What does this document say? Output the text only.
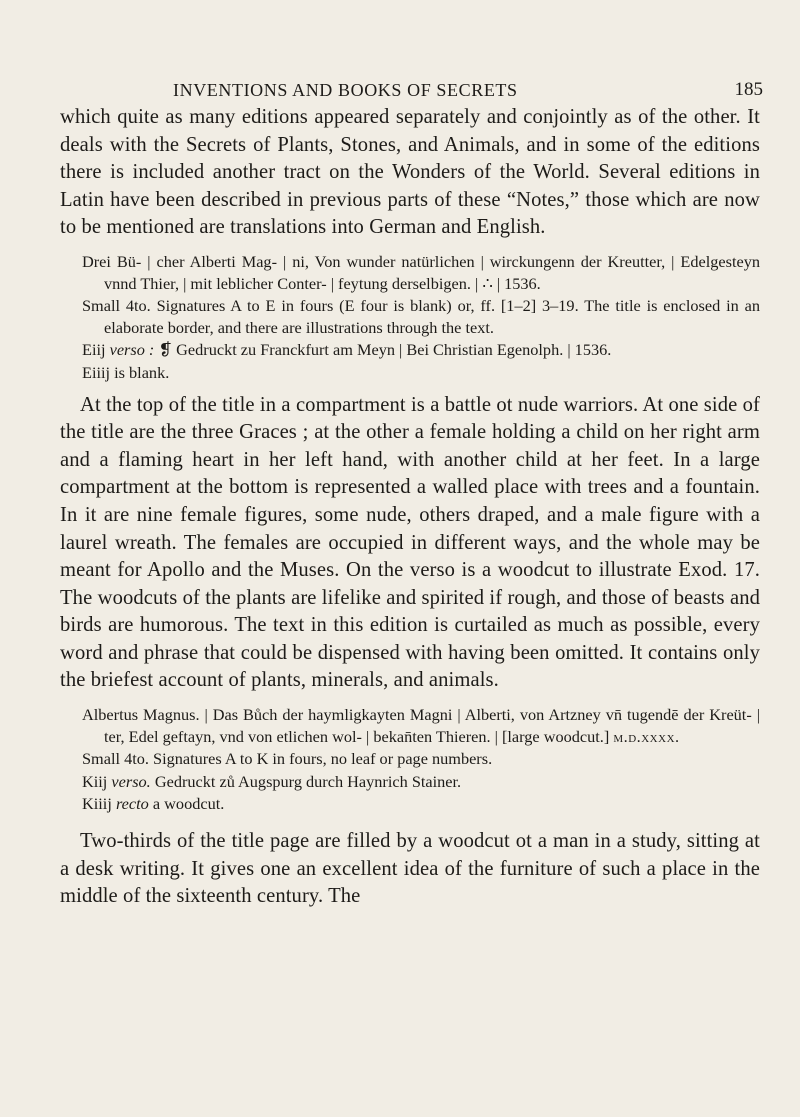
INVENTIONS AND BOOKS OF SECRETS	185

which quite as many editions appeared separately and conjointly as of the other. It deals with the Secrets of Plants, Stones, and Animals, and in some of the editions there is included another tract on the Wonders of the World. Several editions in Latin have been described in previous parts of these “Notes,” those which are now to be mentioned are translations into German and English.

Drei Bü- | cher Alberti Mag- | ni, Von wunder natürlichen | wirckungenn der Kreutter, | Edelgesteyn vnnd Thier, | mit leblicher Conter- | feytung derselbigen. | ∴ | 1536.

Small 4to. Signatures A to E in fours (E four is blank) or, ff. [1–2] 3–19. The title is enclosed in an elaborate border, and there are illustrations through the text.

Eiij verso : ❡ Gedruckt zu Franckfurt am Meyn | Bei Christian Egenolph. | 1536.

Eiiij is blank.

At the top of the title in a compartment is a battle ot nude warriors. At one side of the title are the three Graces ; at the other a female holding a child on her right arm and a flaming heart in her left hand, with another child at her feet. In a large compartment at the bottom is represented a walled place with trees and a fountain. In it are nine female figures, some nude, others draped, and a male figure with a laurel wreath. The females are occupied in different ways, and the whole may be meant for Apollo and the Muses. On the verso is a woodcut to illustrate Exod. 17. The woodcuts of the plants are lifelike and spirited if rough, and those of beasts and birds are humorous. The text in this edition is curtailed as much as possible, every word and phrase that could be dispensed with having been omitted. It contains only the briefest account of plants, minerals, and animals.

Albertus Magnus. | Das Bůch der haymligkayten Magni | Alberti, von Artzney vn̄ tugendē der Kreüt- | ter, Edel geftayn, vnd von etlichen wol- | bekan̄ten Thieren. | [large woodcut.] m.d.xxxx.

Small 4to. Signatures A to K in fours, no leaf or page numbers.

Kiij verso. Gedruckt zů Augspurg durch Haynrich Stainer.

Kiiij recto a woodcut.

Two-thirds of the title page are filled by a woodcut ot a man in a study, sitting at a desk writing. It gives one an excellent idea of the furniture of such a place in the middle of the sixteenth century. The
